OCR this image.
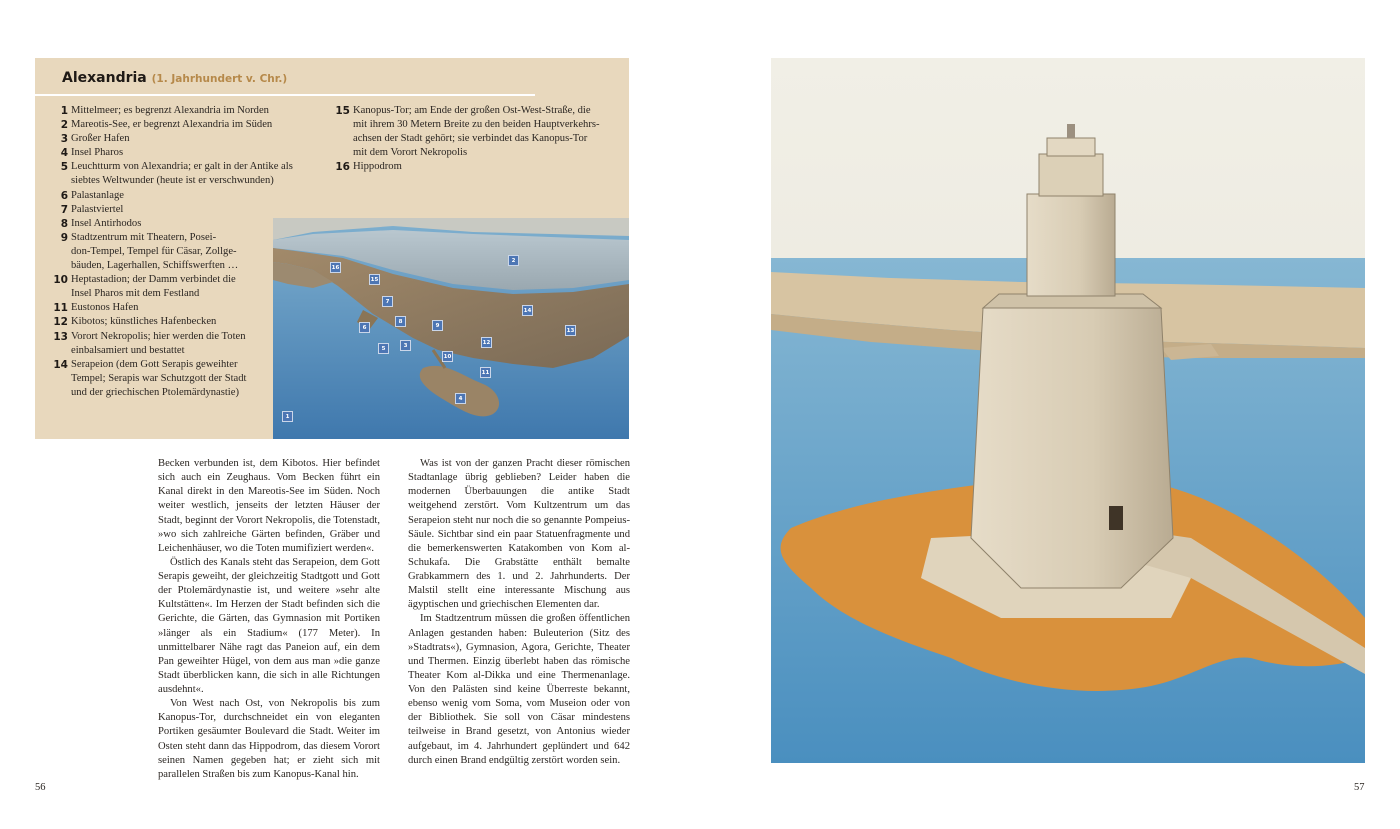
Alexandria (1. Jahrhundert v. Chr.)
1 Mittelmeer; es begrenzt Alexandria im Norden
2 Mareotis-See, er begrenzt Alexandria im Süden
3 Großer Hafen
4 Insel Pharos
5 Leuchtturm von Alexandria; er galt in der Antike als
siebtes Weltwunder (heute ist er verschwunden)
6 Palastanlage
7 Palastviertel
8 Insel Antirhodos
9 Stadtzentrum mit Theatern, Posei-
don-Tempel, Tempel für Cäsar, Zollge-
bäuden, Lagerhallen, Schiffswerften …
10 Heptastadion; der Damm verbindet die
Insel Pharos mit dem Festland
11 Eustonos Hafen
12 Kibotos; künstliches Hafenbecken
13 Vorort Nekropolis; hier werden die Toten
einbalsamiert und bestattet
14 Serapeion (dem Gott Serapis geweihter
Tempel; Serapis war Schutzgott der Stadt
und der griechischen Ptolemärdynastie)
15 Kanopus-Tor; am Ende der großen Ost-West-Straße, die
mit ihrem 30 Metern Breite zu den beiden Hauptverkehrs-
achsen der Stadt gehört; sie verbindet das Kanopus-Tor
mit dem Vorort Nekropolis
16 Hippodrom
16
15
2
7
14
8
9
6	13
3
5
12
10
11
4
1

Becken verbunden ist, dem Kibotos. Hier befindet sich auch ein Zeughaus. Vom Becken führt ein Kanal direkt in den Mareotis-See im Süden. Noch weiter westlich, jenseits der letzten Häuser der Stadt, beginnt der Vorort Nekropolis, die Totenstadt, »wo sich zahlreiche Gärten befinden, Gräber und Leichenhäuser, wo die Toten mumifiziert werden«.

Östlich des Kanals steht das Serapeion, dem Gott Serapis geweiht, der gleichzeitig Stadtgott und Gott der Ptolemärdynastie ist, und weitere »sehr alte Kultstätten«. Im Herzen der Stadt befinden sich die Gerichte, die Gärten, das Gymnasion mit Portiken »länger als ein Stadium« (177 Meter). In unmittelbarer Nähe ragt das Paneion auf, ein dem Pan geweihter Hügel, von dem aus man »die ganze Stadt überblicken kann, die sich in alle Richtungen ausdehnt«.

Von West nach Ost, von Nekropolis bis zum Kanopus-Tor, durchschneidet ein von eleganten Portiken gesäumter Boulevard die Stadt. Weiter im Osten steht dann das Hippodrom, das diesem Vorort seinen Namen gegeben hat; er zieht sich mit parallelen Straßen bis zum Kanopus-Kanal hin.

Was ist von der ganzen Pracht dieser römischen Stadtanlage übrig geblieben? Leider haben die modernen Überbauungen die antike Stadt weitgehend zerstört. Vom Kultzentrum um das Serapeion steht nur noch die so genannte Pompeius-Säule. Sichtbar sind ein paar Statuenfragmente und die bemerkenswerten Katakomben von Kom al-Schukafa. Die Grabstätte enthält bemalte Grabkammern des 1. und 2. Jahrhunderts. Der Malstil stellt eine interessante Mischung aus ägyptischen und griechischen Elementen dar.

Im Stadtzentrum müssen die großen öffentlichen Anlagen gestanden haben: Buleuterion (Sitz des »Stadtrats«), Gymnasion, Agora, Gerichte, Theater und Thermen. Einzig überlebt haben das römische Theater Kom al-Dikka und eine Thermenanlage. Von den Palästen sind keine Überreste bekannt, ebenso wenig vom Soma, vom Museion oder von der Bibliothek. Sie soll von Cäsar mindestens teilweise in Brand gesetzt, von Antonius wieder aufgebaut, im 4. Jahrhundert geplündert und 642 durch einen Brand endgültig zerstört worden sein.

56	57
